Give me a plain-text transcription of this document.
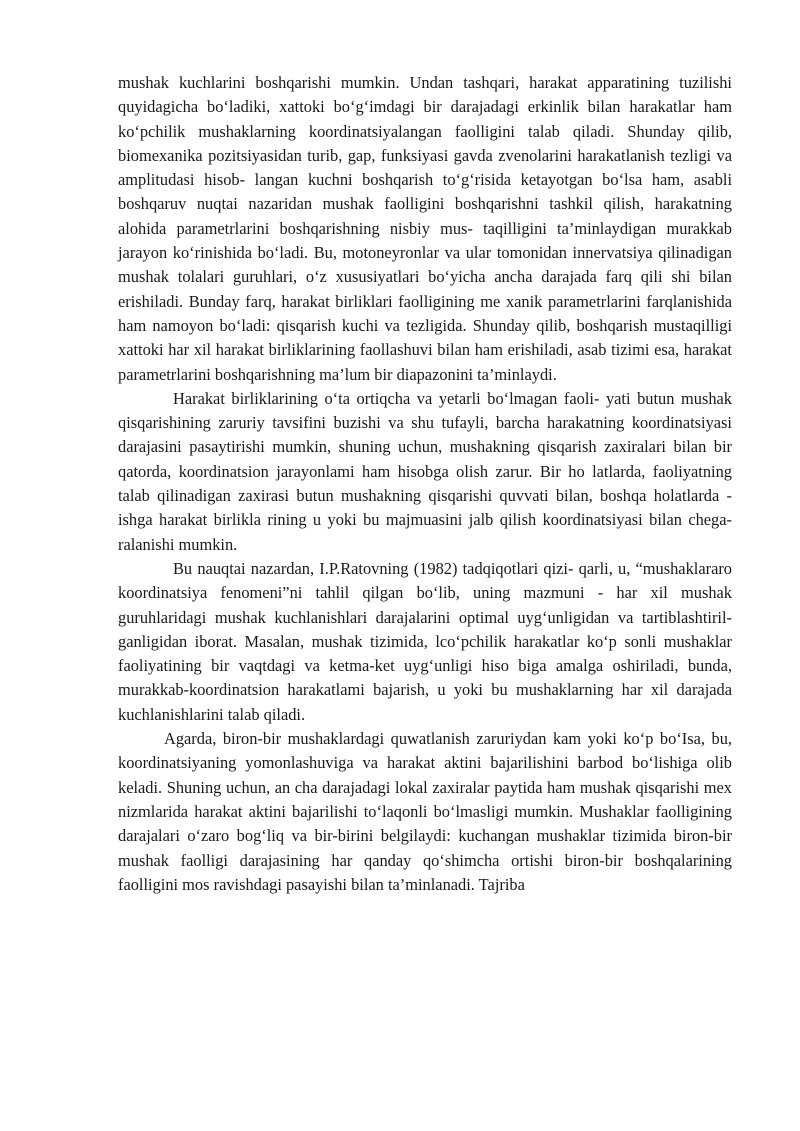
mushak kuchlarini boshqarishi mumkin. Undan tashqari, harakat apparatining tuzilishi quyidagicha bo‘ladiki, xattoki bo‘g‘imdagi bir darajadagi erkinlik bilan harakatlar ham ko‘pchilik mushaklarning koordinatsiyalangan faolligini talab qiladi. Shunday qilib, biomexanika pozitsiyasidan turib, gap, funksiyasi gavda zvenolarini harakatlanish tezligi va amplitudasi hisob- langan kuchni boshqarish to‘g‘risida ketayotgan bo‘lsa ham, asabli boshqaruv nuqtai nazaridan mushak faolligini boshqarishni tashkil qilish, harakatning alohida parametrlarini boshqarishning nisbiy mus- taqilligini ta’minlaydigan murakkab jarayon ko‘rinishida bo‘ladi. Bu, motoneyronlar va ular tomonidan innervatsiya qilinadigan mushak tolalari guruhlari, o‘z xususiyatlari bo‘yicha ancha darajada farq qili shi bilan erishiladi. Bunday farq, harakat birliklari faolligining me xanik parametrlarini farqlanishida ham namoyon bo‘ladi: qisqarish kuchi va tezligida. Shunday qilib, boshqarish mustaqilligi xattoki har xil harakat birliklarining faollashuvi bilan ham erishiladi, asab tizimi esa, harakat parametrlarini boshqarishning ma’lum bir diapazonini ta’minlaydi.

Harakat birliklarining o‘ta ortiqcha va yetarli bo‘lmagan faoli- yati butun mushak qisqarishining zaruriy tavsifini buzishi va shu tufayli, barcha harakatning koordinatsiyasi darajasini pasaytirishi mumkin, shuning uchun, mushakning qisqarish zaxiralari bilan bir qatorda, koordinatsion jarayonlami ham hisobga olish zarur. Bir ho latlarda, faoliyatning talab qilinadigan zaxirasi butun mushakning qisqarishi quvvati bilan, boshqa holatlarda - ishga harakat birlikla rining u yoki bu majmuasini jalb qilish koordinatsiyasi bilan chega- ralanishi mumkin.

Bu nauqtai nazardan, I.P.Ratovning (1982) tadqiqotlari qizi- qarli, u, “mushaklararo koordinatsiya fenomeni”ni tahlil qilgan bo‘lib, uning mazmuni - har xil mushak guruhlaridagi mushak kuchlanishlari darajalarini optimal uyg‘unligidan va tartiblashtiril-ganligidan iborat. Masalan, mushak tizimida, lco‘pchilik harakatlar ko‘p sonli mushaklar faoliyatining bir vaqtdagi va ketma-ket uyg‘unligi hiso biga amalga oshiriladi, bunda, murakkab-koordinatsion harakatlami bajarish, u yoki bu mushaklarning har xil darajada kuchlanishlarini talab qiladi.

Agarda, biron-bir mushaklardagi quwatlanish zaruriydan kam yoki ko‘p bo‘Isa, bu, koordinatsiyaning yomonlashuviga va harakat aktini bajarilishini barbod bo‘lishiga olib keladi. Shuning uchun, an cha darajadagi lokal zaxiralar paytida ham mushak qisqarishi mex nizmlarida harakat aktini bajarilishi to‘laqonli bo‘lmasligi mumkin. Mushaklar faolligining darajalari o‘zaro bog‘liq va bir-birini belgilaydi: kuchangan mushaklar tizimida biron-bir mushak faolligi darajasining har qanday qo‘shimcha ortishi biron-bir boshqalarining faolligini mos ravishdagi pasayishi bilan ta’minlanadi. Tajriba
